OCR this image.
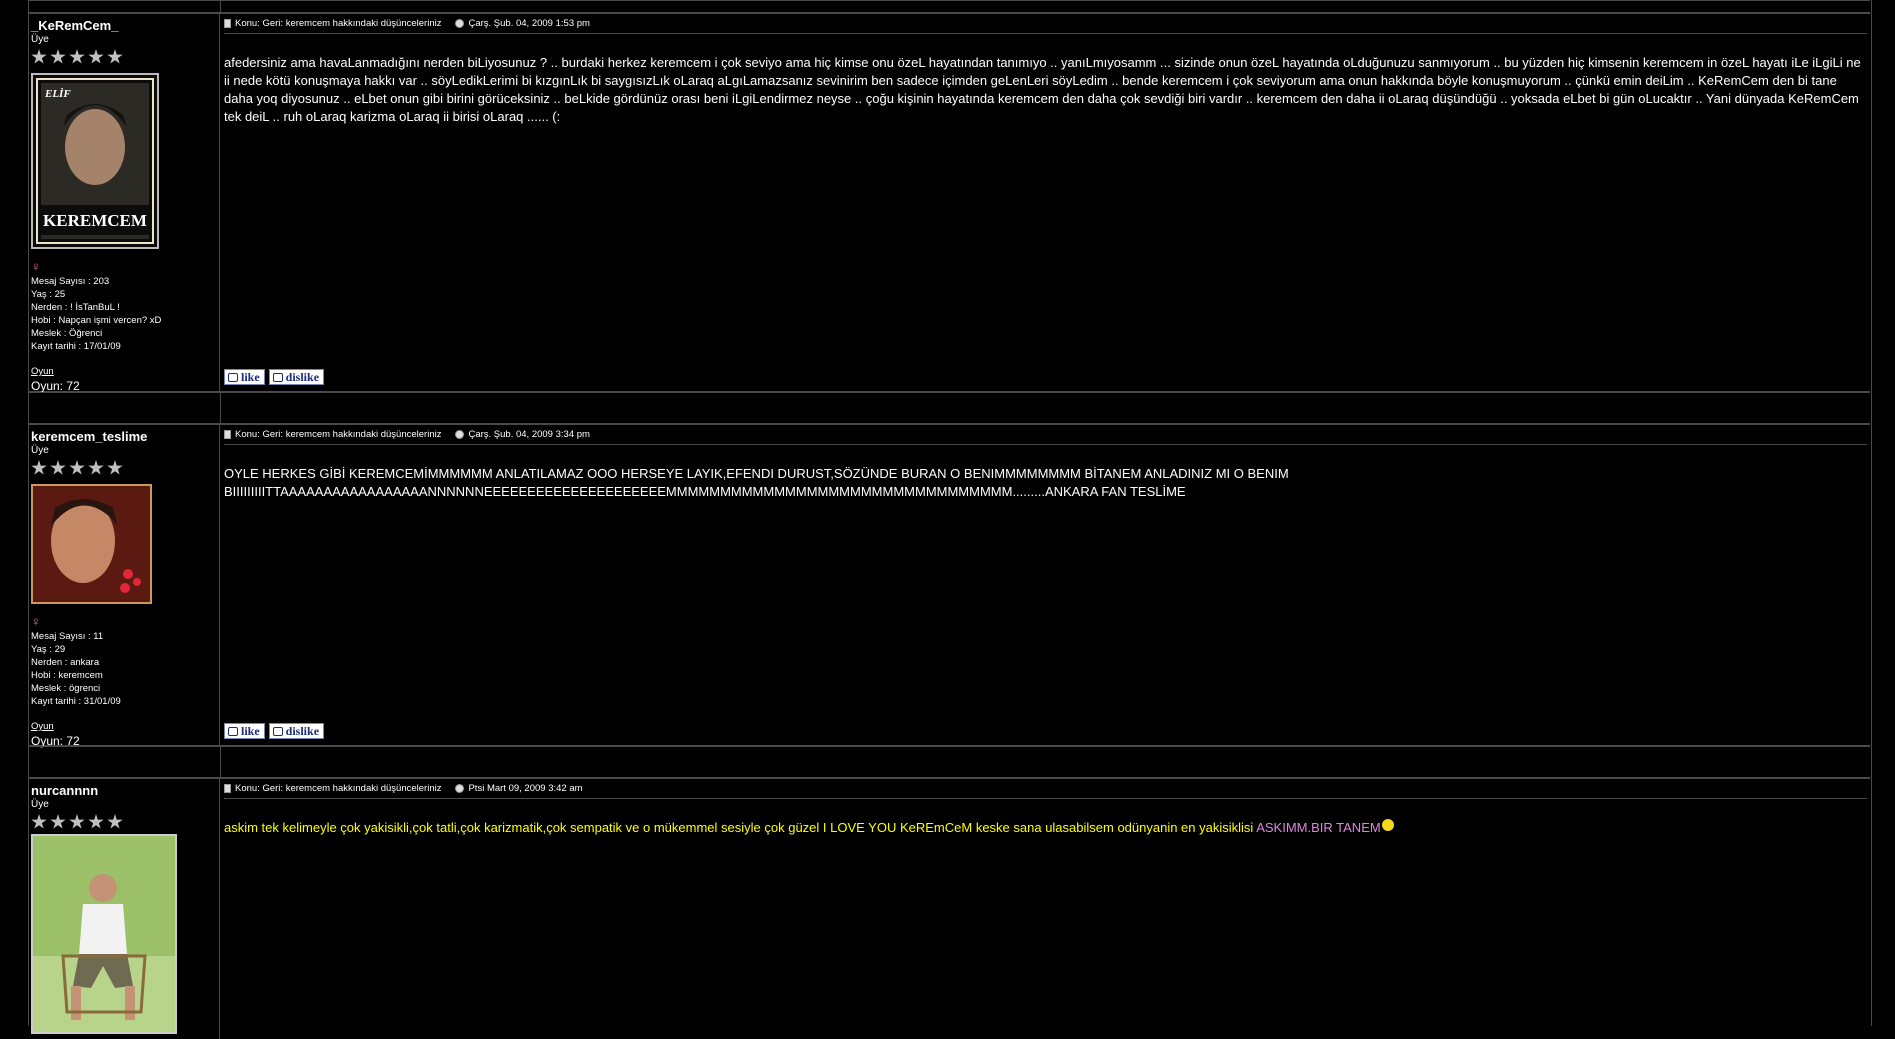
_KeRemCem_
Üye
KEREMCEM
ELİF
♀
Mesaj Sayısı : 203
Yaş : 25
Nerden : ! İsTanBuL !
Hobi : Napçan işmi vercen? xD
Meslek : Öğrenci
Kayıt tarihi : 17/01/09
Oyun
Oyun: 72
Konu: Geri: keremcem hakkındaki düşünceleriniz	Çarş. Şub. 04, 2009 1:53 pm
afedersiniz ama havaLanmadığını nerden biLiyosunuz ? .. burdaki herkez keremcem i çok seviyo ama hiç kimse onu özeL hayatından tanımıyo .. yanıLmıyosamm ... sizinde onun özeL hayatında oLduğunuzu sanmıyorum .. bu yüzden hiç kimsenin keremcem in özeL hayatı iLe iLgiLi ne ii nede kötü konuşmaya hakkı var .. söyLedikLerimi bi kızgınLık bi saygısızLık oLaraq aLgıLamazsanız sevinirim ben sadece içimden geLenLeri söyLedim .. bende keremcem i çok seviyorum ama onun hakkında böyle konuşmuyorum .. çünkü emin deiLim .. KeRemCem den bi tane daha yoq diyosunuz .. eLbet onun gibi birini görüceksiniz .. beLkide gördünüz orası beni iLgiLendirmez neyse .. çoğu kişinin hayatında keremcem den daha çok sevdiği biri vardır .. keremcem den daha ii oLaraq düşündüğü .. yoksada eLbet bi gün oLucaktır .. Yani dünyada KeRemCem tek deiL .. ruh oLaraq karizma oLaraq ii birisi oLaraq ...... (:
like dislike
keremcem_teslime
Üye
♀
Mesaj Sayısı : 11
Yaş : 29
Nerden : ankara
Hobi : keremcem
Meslek : ögrenci
Kayıt tarihi : 31/01/09
Oyun
Oyun: 72
Konu: Geri: keremcem hakkındaki düşünceleriniz	Çarş. Şub. 04, 2009 3:34 pm
OYLE HERKES GİBİ KEREMCEMİMMMMMM ANLATILAMAZ OOO HERSEYE LAYIK,EFENDI DURUST,SÖZÜNDE BURAN O BENIMMMMMMMM BİTANEM ANLADINIZ MI O BENIM BIIIIIIIIITTAAAAAAAAAAAAAAAAANNNNNNEEEEEEEEEEEEEEEEEEEEEMMMMMMMMMMMMMMMMMMMMMMMMMMMMMMMM.........ANKARA FAN TESLİME
like dislike
nurcannnn
Üye
Konu: Geri: keremcem hakkındaki düşünceleriniz	Ptsi Mart 09, 2009 3:42 am
askim tek kelimeyle çok yakisikli,çok tatli,çok karizmatik,çok sempatik ve o mükemmel sesiyle çok güzel I LOVE YOU KeREmCeM keske sana ulasabilsem odünyanin en yakisiklisi ASKIMM.BIR TANEM
